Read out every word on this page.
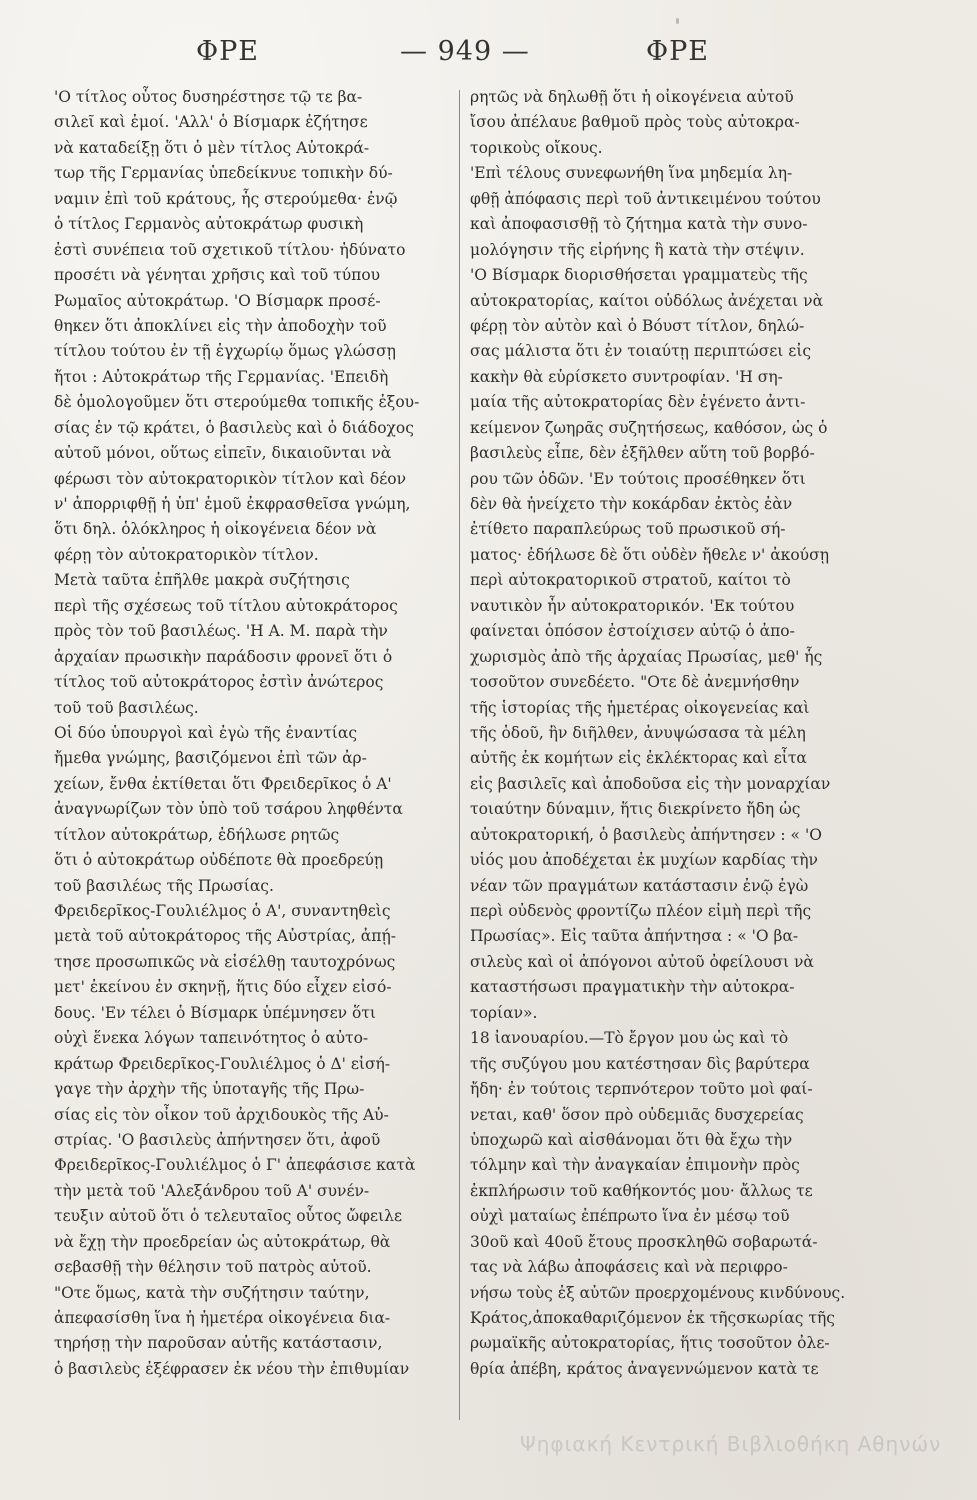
ΦΡΕ	— 949 —	ΦΡΕ
'Ο τίτλος οὗτος δυσηρέστησε τῷ τε βα-
σιλεῖ καὶ ἐμοί. 'Αλλ' ὁ Βίσμαρκ ἐζήτησε
νὰ καταδείξῃ ὅτι ὁ μὲν τίτλος Αὐτοκρά-
τωρ τῆς Γερμανίας ὑπεδείκνυε τοπικὴν δύ-
ναμιν ἐπὶ τοῦ κράτους, ἧς στερούμεθα· ἐνῷ
ὁ τίτλος Γερμανὸς αὐτοκράτωρ φυσικὴ
ἐστὶ συνέπεια τοῦ σχετικοῦ τίτλου· ἠδύνατο
προσέτι νὰ γένηται χρῆσις καὶ τοῦ τύπου
Ρωμαῖος αὐτοκράτωρ. 'Ο Βίσμαρκ προσέ-
θηκεν ὅτι ἀποκλίνει εἰς τὴν ἀποδοχὴν τοῦ
τίτλου τούτου ἐν τῇ ἐγχωρίῳ ὅμως γλώσσῃ
ἤτοι : Αὐτοκράτωρ τῆς Γερμανίας. 'Επειδὴ
δὲ ὁμολογοῦμεν ὅτι στερούμεθα τοπικῆς ἐξου-
σίας ἐν τῷ κράτει, ὁ βασιλεὺς καὶ ὁ διάδοχος
αὐτοῦ μόνοι, οὕτως εἰπεῖν, δικαιοῦνται νὰ
φέρωσι τὸν αὐτοκρατορικὸν τίτλον καὶ δέον
ν' ἀπορριφθῇ ἡ ὑπ' ἐμοῦ ἐκφρασθεῖσα γνώμη,
ὅτι δηλ. ὁλόκληρος ἡ οἰκογένεια δέον νὰ
φέρῃ τὸν αὐτοκρατορικὸν τίτλον.
Μετὰ ταῦτα ἐπῆλθε μακρὰ συζήτησις
περὶ τῆς σχέσεως τοῦ τίτλου αὐτοκράτορος
πρὸς τὸν τοῦ βασιλέως. 'Η Α. Μ. παρὰ τὴν
ἀρχαίαν πρωσικὴν παράδοσιν φρονεῖ ὅτι ὁ
τίτλος τοῦ αὐτοκράτορος ἐστὶν ἀνώτερος
τοῦ τοῦ βασιλέως.
Οἱ δύο ὑπουργοὶ καὶ ἐγὼ τῆς ἐναντίας
ἤμεθα γνώμης, βασιζόμενοι ἐπὶ τῶν ἀρ-
χείων, ἔνθα ἐκτίθεται ὅτι Φρειδερῖκος ὁ Α'
ἀναγνωρίζων τὸν ὑπὸ τοῦ τσάρου ληφθέντα
τίτλον αὐτοκράτωρ, ἐδήλωσε ρητῶς
ὅτι ὁ αὐτοκράτωρ οὐδέποτε θὰ προεδρεύῃ
τοῦ βασιλέως τῆς Πρωσίας.
Φρειδερῖκος-Γουλιέλμος ὁ Α', συναντηθεὶς
μετὰ τοῦ αὐτοκράτορος τῆς Αὐστρίας, ἀπῄ-
τησε προσωπικῶς νὰ εἰσέλθῃ ταυτοχρόνως
μετ' ἐκείνου ἐν σκηνῇ, ἥτις δύο εἶχεν εἰσό-
δους. 'Εν τέλει ὁ Βίσμαρκ ὑπέμνησεν ὅτι
οὐχὶ ἕνεκα λόγων ταπεινότητος ὁ αὐτο-
κράτωρ Φρειδερῖκος-Γουλιέλμος ὁ Δ' εἰσή-
γαγε τὴν ἀρχὴν τῆς ὑποταγῆς τῆς Πρω-
σίας εἰς τὸν οἶκον τοῦ ἀρχιδουκὸς τῆς Αὐ-
στρίας. 'Ο βασιλεὺς ἀπήντησεν ὅτι, ἀφοῦ
Φρειδερῖκος-Γουλιέλμος ὁ Γ' ἀπεφάσισε κατὰ
τὴν μετὰ τοῦ 'Αλεξάνδρου τοῦ Α' συνέν-
τευξιν αὐτοῦ ὅτι ὁ τελευταῖος οὗτος ὤφειλε
νὰ ἔχῃ τὴν προεδρείαν ὡς αὐτοκράτωρ, θὰ
σεβασθῇ τὴν θέλησιν τοῦ πατρὸς αὐτοῦ.
"Οτε ὅμως, κατὰ τὴν συζήτησιν ταύτην,
ἀπεφασίσθη ἵνα ἡ ἡμετέρα οἰκογένεια δια-
τηρήσῃ τὴν παροῦσαν αὐτῆς κατάστασιν,
ὁ βασιλεὺς ἐξέφρασεν ἐκ νέου τὴν ἐπιθυμίαν
ρητῶς νὰ δηλωθῇ ὅτι ἡ οἰκογένεια αὐτοῦ
ἴσου ἀπέλαυε βαθμοῦ πρὸς τοὺς αὐτοκρα-
τορικοὺς οἴκους.
'Επὶ τέλους συνεφωνήθη ἵνα μηδεμία λη-
φθῇ ἀπόφασις περὶ τοῦ ἀντικειμένου τούτου
καὶ ἀποφασισθῇ τὸ ζήτημα κατὰ τὴν συνο-
μολόγησιν τῆς εἰρήνης ἢ κατὰ τὴν στέψιν.
'Ο Βίσμαρκ διορισθήσεται γραμματεὺς τῆς
αὐτοκρατορίας, καίτοι οὐδόλως ἀνέχεται νὰ
φέρῃ τὸν αὐτὸν καὶ ὁ Βόυστ τίτλον, δηλώ-
σας μάλιστα ὅτι ἐν τοιαύτῃ περιπτώσει εἰς
κακὴν θὰ εὑρίσκετο συντροφίαν. 'Η ση-
μαία τῆς αὐτοκρατορίας δὲν ἐγένετο ἀντι-
κείμενον ζωηρᾶς συζητήσεως, καθόσον, ὡς ὁ
βασιλεὺς εἶπε, δὲν ἐξῆλθεν αὕτη τοῦ βορβό-
ρου τῶν ὁδῶν. 'Εν τούτοις προσέθηκεν ὅτι
δὲν θὰ ἠνείχετο τὴν κοκάρδαν ἐκτὸς ἐὰν
ἐτίθετο παραπλεύρως τοῦ πρωσικοῦ σή-
ματος· ἐδήλωσε δὲ ὅτι οὐδὲν ἤθελε ν' ἀκούσῃ
περὶ αὐτοκρατορικοῦ στρατοῦ, καίτοι τὸ
ναυτικὸν ἦν αὐτοκρατορικόν. 'Εκ τούτου
φαίνεται ὁπόσον ἐστοίχισεν αὐτῷ ὁ ἀπο-
χωρισμὸς ἀπὸ τῆς ἀρχαίας Πρωσίας, μεθ' ἧς
τοσοῦτον συνεδέετο. "Οτε δὲ ἀνεμνήσθην
τῆς ἱστορίας τῆς ἡμετέρας οἰκογενείας καὶ
τῆς ὁδοῦ, ἣν διῆλθεν, ἀνυψώσασα τὰ μέλη
αὐτῆς ἐκ κομήτων εἰς ἐκλέκτορας καὶ εἶτα
εἰς βασιλεῖς καὶ ἀποδοῦσα εἰς τὴν μοναρχίαν
τοιαύτην δύναμιν, ἥτις διεκρίνετο ἤδη ὡς
αὐτοκρατορική, ὁ βασιλεὺς ἀπήντησεν : « 'Ο
υἱός μου ἀποδέχεται ἐκ μυχίων καρδίας τὴν
νέαν τῶν πραγμάτων κατάστασιν ἐνῷ ἐγὼ
περὶ οὐδενὸς φροντίζω πλέον εἰμὴ περὶ τῆς
Πρωσίας». Εἰς ταῦτα ἀπήντησα : « 'Ο βα-
σιλεὺς καὶ οἱ ἀπόγονοι αὐτοῦ ὀφείλουσι νὰ
καταστήσωσι πραγματικὴν τὴν αὐτοκρα-
τορίαν».
18 ἰανουαρίου.—Τὸ ἔργον μου ὡς καὶ τὸ
τῆς συζύγου μου κατέστησαν δὶς βαρύτερα
ἤδη· ἐν τούτοις τερπνότερον τοῦτο μοὶ φαί-
νεται, καθ' ὅσον πρὸ οὐδεμιᾶς δυσχερείας
ὑποχωρῶ καὶ αἰσθάνομαι ὅτι θὰ ἔχω τὴν
τόλμην καὶ τὴν ἀναγκαίαν ἐπιμονὴν πρὸς
ἐκπλήρωσιν τοῦ καθήκοντός μου· ἄλλως τε
οὐχὶ ματαίως ἐπέπρωτο ἵνα ἐν μέσῳ τοῦ
30οῦ καὶ 40οῦ ἔτους προσκληθῶ σοβαρωτά-
τας νὰ λάβω ἀποφάσεις καὶ νὰ περιφρο-
νήσω τοὺς ἐξ αὐτῶν προερχομένους κινδύνους.
Κράτος,ἀποκαθαριζόμενον ἐκ τῆςσκωρίας τῆς
ρωμαϊκῆς αὐτοκρατορίας, ἥτις τοσοῦτον ὀλε-
θρία ἀπέβη, κράτος ἀναγεννώμενον κατὰ τε
Ψηφιακή Κεντρική Βιβλιοθήκη Αθηνών
